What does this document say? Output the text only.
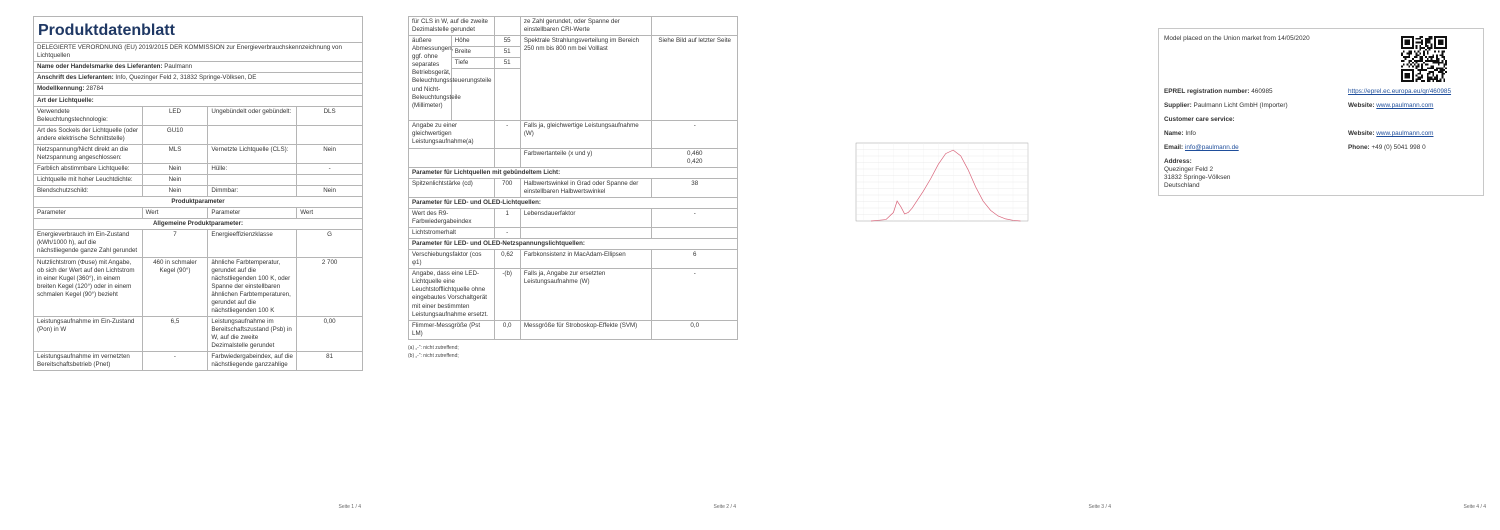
Produktdatenblatt
DELEGIERTE VERORDNUNG (EU) 2019/2015 DER KOMMISSION zur Energieverbrauchskennzeichnung von Lichtquellen			
Name oder Handelsmarke des Lieferanten: Paulmann			
Anschrift des Lieferanten: Info, Quezinger Feld 2, 31832 Springe-Völksen, DE			
Modellkennung: 28784			
Art der Lichtquelle:			
Verwendete Beleuchtungstechnologie:	LED	Ungebündelt oder gebündelt:	DLS
Art des Sockels der Lichtquelle (oder andere elektrische Schnittstelle)	GU10		
Netzspannung/Nicht direkt an die Netzspannung angeschlossen:	MLS	Vernetzte Lichtquelle (CLS):	Nein
Farblich abstimmbare Lichtquelle:	Nein	Hülle:	-
Lichtquelle mit hoher Leuchtdichte:	Nein		
Blendschutzschild:	Nein	Dimmbar:	Nein
Produktparameter			
Parameter	Wert	Parameter	Wert
Allgemeine Produktparameter:			
Energieverbrauch im Ein-Zustand (kWh/1000 h), auf die nächstliegende ganze Zahl gerundet	7	Energieeffizienzklasse	G
Nutzlichtstrom (Φuse) mit Angabe, ob sich der Wert auf den Lichtstrom in einer Kugel (360°), in einem breiten Kegel (120°) oder in einem schmalen Kegel (90°) bezieht	460 in schmaler Kegel (90°)	ähnliche Farbtemperatur, gerundet auf die nächstliegenden 100 K, oder Spanne der einstellbaren ähnlichen Farbtemperaturen, gerundet auf die nächstliegenden 100 K	2 700
Leistungsaufnahme im Ein-Zustand (Pon) in W	6,5	Leistungsaufnahme im Bereitschaftszustand (Psb) in W, auf die zweite Dezimalstelle gerundet	0,00
Leistungsaufnahme im vernetzten Bereitschaftsbetrieb (Pnet)	-	Farbwiedergabeindex, auf die nächstliegende ganzzahlige	81
Seite 1 / 4
für CLS in W, auf die zweite Dezimalstelle gerundet			ze Zahl gerundet, oder Spanne der einstellbaren CRI-Werte	
äußere Abmessungen, ggf. ohne separates Betriebsgerät, Beleuchtungssteuerungsteile und Nicht-Beleuchtungsteile (Millimeter)	Höhe	55	Spektrale Strahlungsverteilung im Bereich 250 nm bis 800 nm bei Volllast	Siehe Bild auf letzter Seite
	Breite	51		
	Tiefe	51		

Angabe zu einer gleichwertigen Leistungsaufnahme(a)		-	Falls ja, gleichwertige Leistungsaufnahme (W)	-
			Farbwertanteile (x und y)	0,460
0,420
Parameter für Lichtquellen mit gebündeltem Licht:				
Spitzenlichtstärke (cd)		700	Halbwertswinkel in Grad oder Spanne der einstellbaren Halbwertswinkel	38
Parameter für LED- und OLED-Lichtquellen:				
Wert des R9-Farbwiedergabeindex		1	Lebensdauerfaktor	-
Lichtstromerhalt		-		
Parameter für LED- und OLED-Netzspannungslichtquellen:				
Verschiebungsfaktor (cos φ1)		0,62	Farbkonsistenz in MacAdam-Ellipsen	6
Angabe, dass eine LED-Lichtquelle eine Leuchtstofflichtquelle ohne eingebautes Vorschaltgerät mit einer bestimmten Leistungsaufnahme ersetzt.		-(b)	Falls ja, Angabe zur ersetzten Leistungsaufnahme (W)	-
Flimmer-Messgröße (Pst LM)		0,0	Messgröße für Stroboskop-Effekte (SVM)	0,0
(a) „-“: nicht zutreffend;
(b) „-“: nicht zutreffend;
Seite 2 / 4	Seite 3 / 4
Model placed on the Union market from 14/05/2020
EPREL registration number: 460985	https://eprel.ec.europa.eu/qr/460985
Supplier: Paulmann Licht GmbH (Importer)	Website: www.paulmann.com
Customer care service:
Name: Info	Website: www.paulmann.com
Email: info@paulmann.de	Phone: +49 (0) 5041 998 0
Address:
Quezinger Feld 2
31832 Springe-Völksen
Deutschland
Seite 4 / 4
